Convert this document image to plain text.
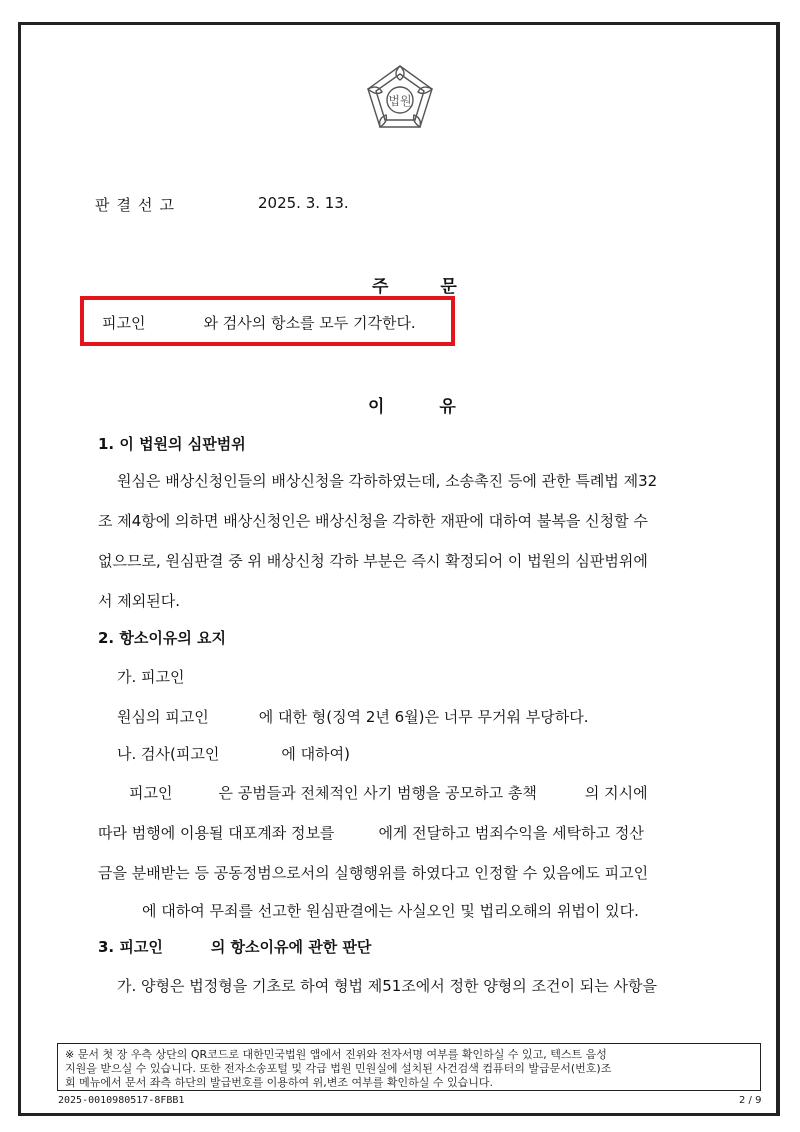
법원
판결선고	2025. 3. 13.
주문
피고인	와 검사의 항소를 모두 기각한다.
이유
1. 이 법원의 심판범위
원심은 배상신청인들의 배상신청을 각하하였는데, 소송촉진 등에 관한 특례법 제32
조 제4항에 의하면 배상신청인은 배상신청을 각하한 재판에 대하여 불복을 신청할 수
없으므로, 원심판결 중 위 배상신청 각하 부분은 즉시 확정되어 이 법원의 심판범위에
서 제외된다.
2. 항소이유의 요지
가. 피고인
원심의 피고인	에 대한 형(징역 2년 6월)은 너무 무거워 부당하다.
나. 검사(피고인	에 대하여)
피고인	은 공범들과 전체적인 사기 범행을 공모하고 총책	의 지시에
따라 범행에 이용될 대포계좌 정보를	에게 전달하고 범죄수익을 세탁하고 정산
금을 분배받는 등 공동정범으로서의 실행행위를 하였다고 인정할 수 있음에도 피고인
에 대하여 무죄를 선고한 원심판결에는 사실오인 및 법리오해의 위법이 있다.
3. 피고인	의 항소이유에 관한 판단
가. 양형은 법정형을 기초로 하여 형법 제51조에서 정한 양형의 조건이 되는 사항을
※ 문서 첫 장 우측 상단의 QR코드로 대한민국법원 앱에서 진위와 전자서명 여부를 확인하실 수 있고, 텍스트 음성
지원을 받으실 수 있습니다. 또한 전자소송포털 및 각급 법원 민원실에 설치된 사건검색 컴퓨터의 발급문서(번호)조
회 메뉴에서 문서 좌측 하단의 발급번호를 이용하여 위,변조 여부를 확인하실 수 있습니다.
2025-0010980517-8FBB1	2 / 9
